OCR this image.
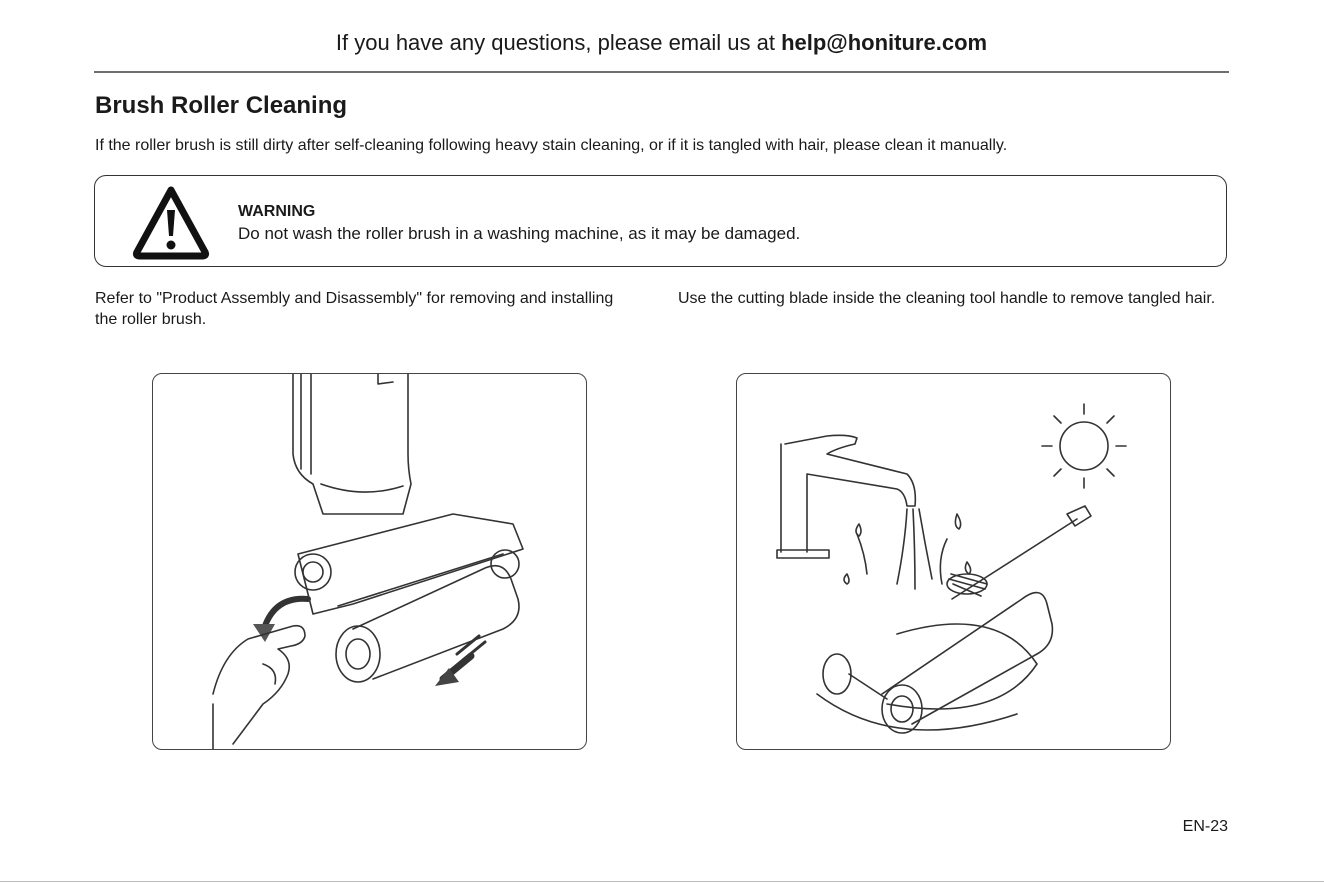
If you have any questions, please email us at help@honiture.com
Brush Roller Cleaning
If the roller brush is still dirty after self-cleaning following heavy stain cleaning, or if it is tangled with hair, please clean it manually.
WARNING
Do not wash the roller brush in a washing machine, as it may be damaged.
Refer to "Product Assembly and Disassembly" for removing and installing the roller brush.
Use the cutting blade inside the cleaning tool handle to remove tangled hair.
EN-23
